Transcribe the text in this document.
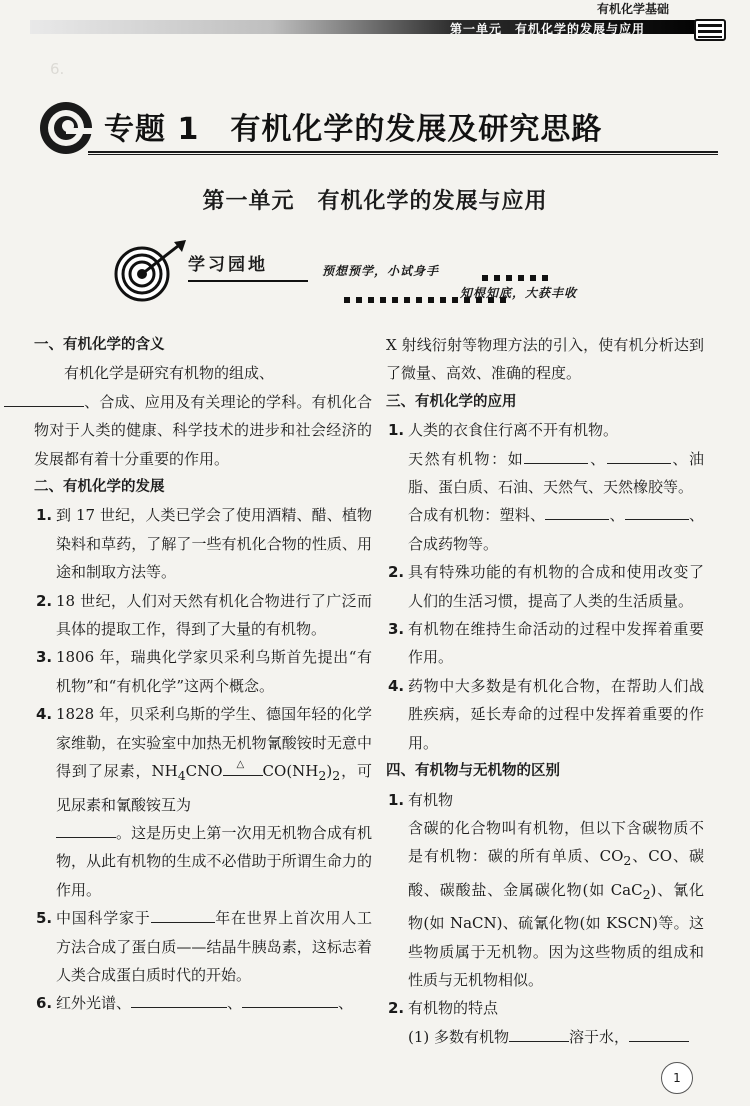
6.
有机化学基础
第一单元　有机化学的发展与应用
专题 1　有机化学的发展及研究思路
第一单元　有机化学的发展与应用
学习园地	预想预学，小试身手
知根知底，大获丰收
一、有机化学的含义
有机化学是研究有机物的组成、
、合成、应用及有关理论的学科。有机化合物对于人类的健康、科学技术的进步和社会经济的发展都有着十分重要的作用。
二、有机化学的发展
1. 到 17 世纪，人类已学会了使用酒精、醋、植物染料和草药，了解了一些有机化合物的性质、用途和制取方法等。
2. 18 世纪，人们对天然有机化合物进行了广泛而具体的提取工作，得到了大量的有机物。
3. 1806 年，瑞典化学家贝采利乌斯首先提出“有机物”和“有机化学”这两个概念。
4. 1828 年，贝采利乌斯的学生、德国年轻的化学家维勒，在实验室中加热无机物氰酸铵时无意中得到了尿素，$NH_4CNO$ △ $CO(NH_2)_2$，可见尿素和氰酸铵互为
。这是历史上第一次用无机物合成有机物，从此有机物的生成不必借助于所谓生命力的作用。
5. 中国科学家于	年在世界上首次用人工方法合成了蛋白质——结晶牛胰岛素，这标志着人类合成蛋白质时代的开始。
6. 红外光谱、	、	、
X 射线衍射等物理方法的引入，使有机分析达到了微量、高效、准确的程度。
三、有机化学的应用
1. 人类的衣食住行离不开有机物。
天然有机物：如	、	、油脂、蛋白质、石油、天然气、天然橡胶等。
合成有机物：塑料、	、	、合成药物等。
2. 具有特殊功能的有机物的合成和使用改变了人们的生活习惯，提高了人类的生活质量。
3. 有机物在维持生命活动的过程中发挥着重要作用。
4. 药物中大多数是有机化合物，在帮助人们战胜疾病，延长寿命的过程中发挥着重要的作用。
四、有机物与无机物的区别
1. 有机物
含碳的化合物叫有机物，但以下含碳物质不是有机物：碳的所有单质、$CO_2$、CO、碳酸、碳酸盐、金属碳化物(如 CaC$_2$)、氰化物(如 NaCN)、硫氰化物(如 KSCN)等。这些物质属于无机物。因为这些物质的组成和性质与无机物相似。
2. 有机物的特点
(1) 多数有机物	溶于水，
1
